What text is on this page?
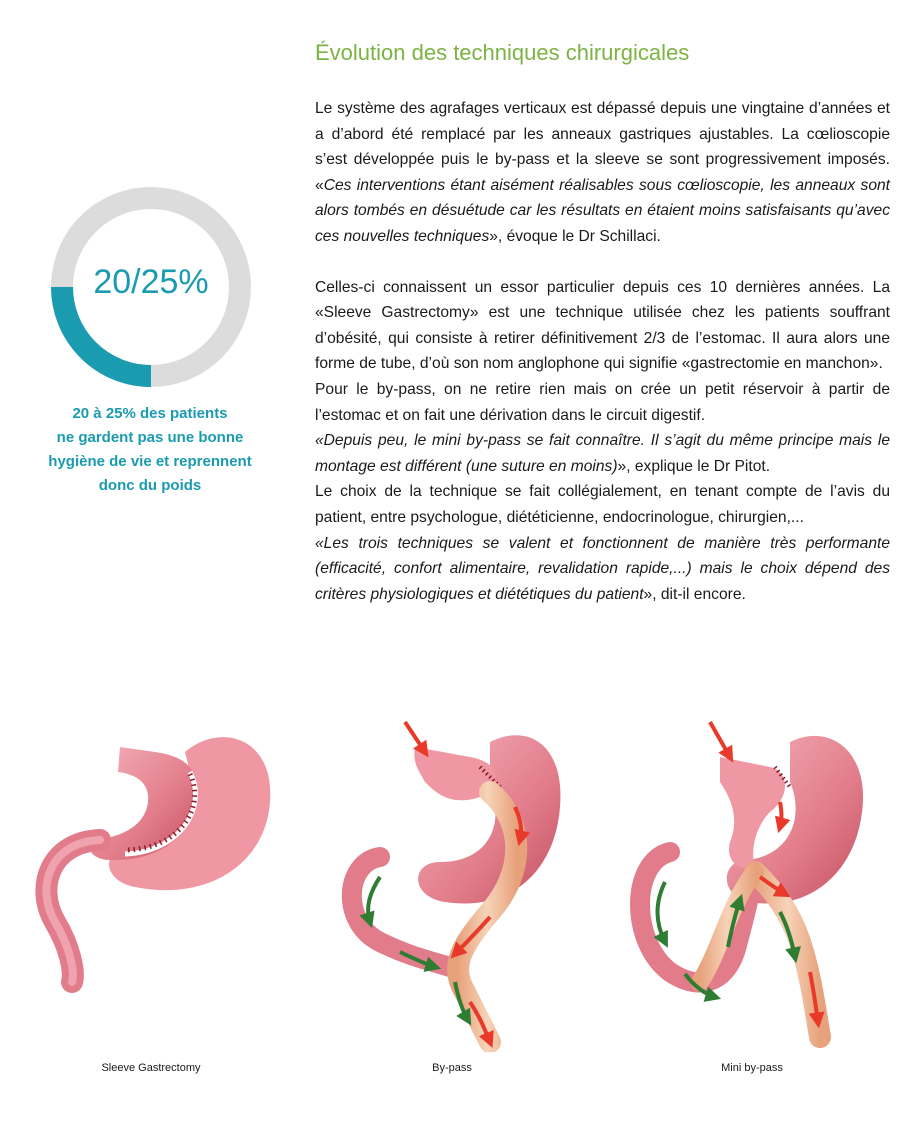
Évolution des techniques chirurgicales

Le système des agrafages verticaux est dépassé depuis une vingtaine d’années et a d’abord été remplacé par les anneaux gastriques ajustables. La cœlioscopie s’est développée puis le by-pass et la sleeve se sont progressivement imposés. «Ces interventions étant aisément réalisables sous cœlioscopie, les anneaux sont alors tombés en désuétude car les résultats en étaient moins satisfaisants qu’avec ces nouvelles techniques», évoque le Dr Schillaci.

Celles-ci connaissent un essor particulier depuis ces 10 dernières années. La «Sleeve Gastrectomy» est une technique utilisée chez les patients souffrant d’obésité, qui consiste à retirer définitivement 2/3 de l’estomac. Il aura alors une forme de tube, d’où son nom anglophone qui signifie «gastrectomie en manchon».

Pour le by-pass, on ne retire rien mais on crée un petit réservoir à partir de l’estomac et on fait une dérivation dans le circuit digestif.

«Depuis peu, le mini by-pass se fait connaître. Il s’agit du même principe mais le montage est différent (une suture en moins)», explique le Dr Pitot.

Le choix de la technique se fait collégialement, en tenant compte de l’avis du patient, entre psychologue, diététicienne, endocrinologue, chirurgien,...

«Les trois techniques se valent et fonctionnent de manière très performante (efficacité, confort alimentaire, revalidation rapide,...) mais le choix dépend des critères physiologiques et diététiques du patient», dit-il encore.

20/25%
20 à 25% des patients
ne gardent pas une bonne
hygiène de vie et reprennent
donc du poids
Sleeve Gastrectomy	By-pass	Mini by-pass
